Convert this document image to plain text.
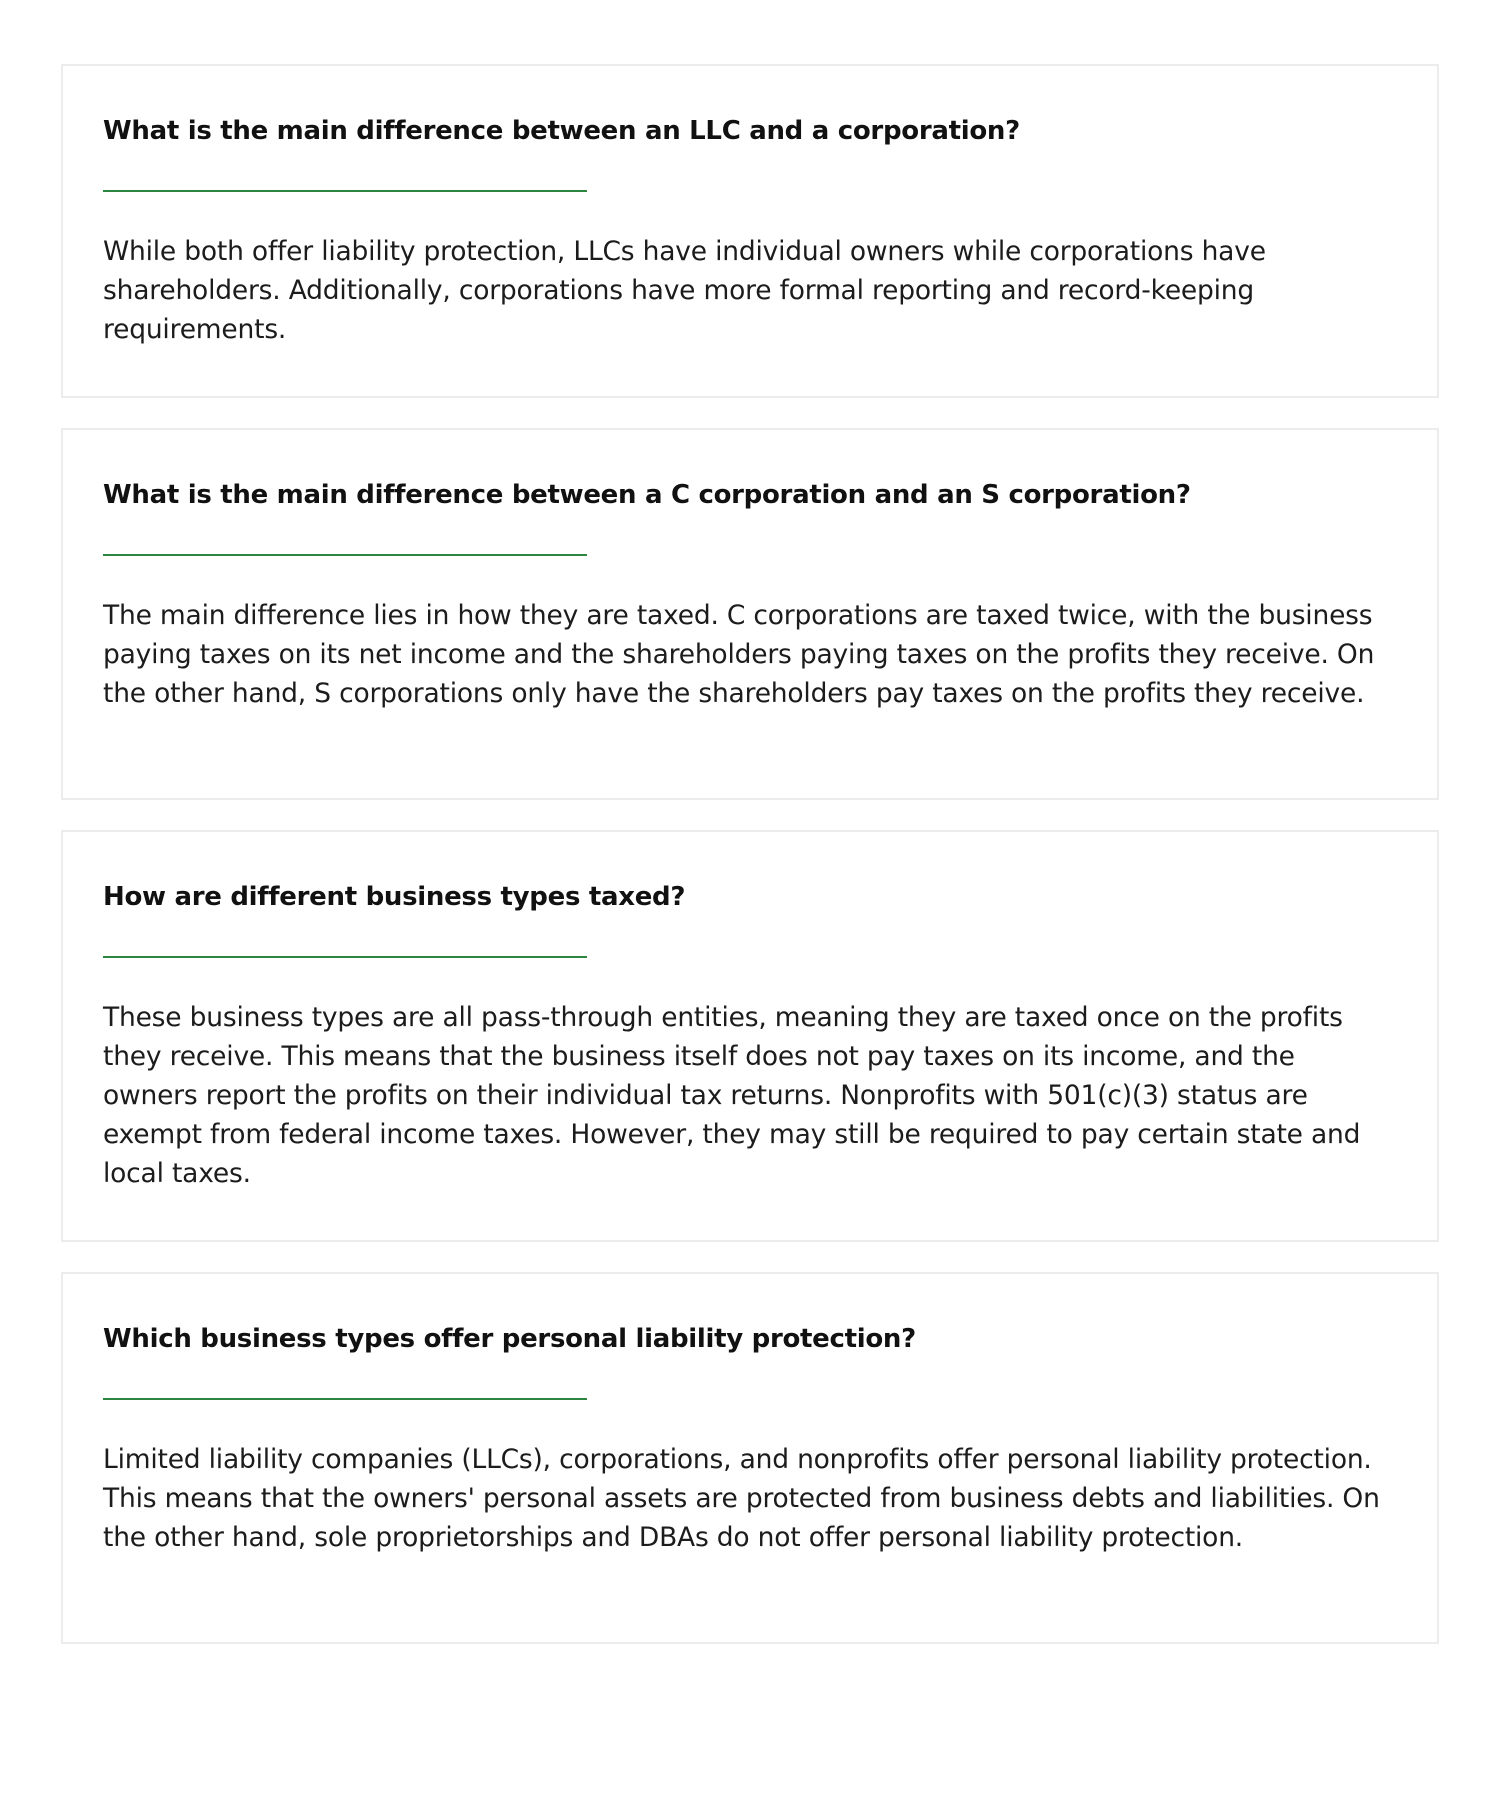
What is the main difference between an LLC and a corporation?

While both offer liability protection, LLCs have individual owners while corporations have shareholders. Additionally, corporations have more formal reporting and record-keeping requirements.

What is the main difference between a C corporation and an S corporation?

The main difference lies in how they are taxed. C corporations are taxed twice, with the business paying taxes on its net income and the shareholders paying taxes on the profits they receive. On the other hand, S corporations only have the shareholders pay taxes on the profits they receive.

How are different business types taxed?

These business types are all pass-through entities, meaning they are taxed once on the profits they receive. This means that the business itself does not pay taxes on its income, and the owners report the profits on their individual tax returns. Nonprofits with 501(c)(3) status are exempt from federal income taxes. However, they may still be required to pay certain state and local taxes.

Which business types offer personal liability protection?

Limited liability companies (LLCs), corporations, and nonprofits offer personal liability protection. This means that the owners' personal assets are protected from business debts and liabilities. On the other hand, sole proprietorships and DBAs do not offer personal liability protection.
